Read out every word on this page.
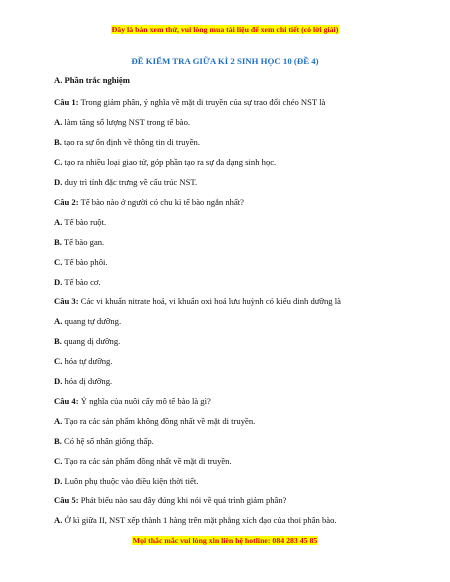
Đây là bản xem thử, vui lòng mua tài liệu để xem chi tiết (có lời giải)
ĐỀ KIỂM TRA GIỮA KÌ 2 SINH HỌC 10 (ĐỀ 4)
A. Phần trắc nghiệm
Câu 1: Trong giảm phân, ý nghĩa về mặt di truyền của sự trao đổi chéo NST là
A. làm tăng số lượng NST trong tế bào.
B. tạo ra sự ổn định về thông tin di truyền.
C. tạo ra nhiều loại giao tử, góp phần tạo ra sự đa dạng sinh học.
D. duy trì tính đặc trưng về cấu trúc NST.
Câu 2: Tế bào nào ở người có chu kì tế bào ngắn nhất?
A. Tế bào ruột.
B. Tế bào gan.
C. Tế bào phôi.
D. Tế bào cơ.
Câu 3: Các vi khuẩn nitrate hoá, vi khuẩn oxi hoá lưu huỳnh có kiểu dinh dưỡng là
A. quang tự dưỡng.
B. quang dị dưỡng.
C. hóa tự dưỡng.
D. hóa dị dưỡng.
Câu 4: Ý nghĩa của nuôi cấy mô tế bào là gì?
A. Tạo ra các sản phẩm không đồng nhất về mặt di truyền.
B. Có hệ số nhân giống thấp.
C. Tạo ra các sản phẩm đồng nhất về mặt di truyền.
D. Luôn phụ thuộc vào điều kiện thời tiết.
Câu 5: Phát biểu nào sau đây đúng khi nói về quá trình giảm phân?
A. Ở kì giữa II, NST xếp thành 1 hàng trên mặt phẳng xích đạo của thoi phân bào.
Mọi thắc mắc vui lòng xin liên hệ hotline: 084 283 45 85
